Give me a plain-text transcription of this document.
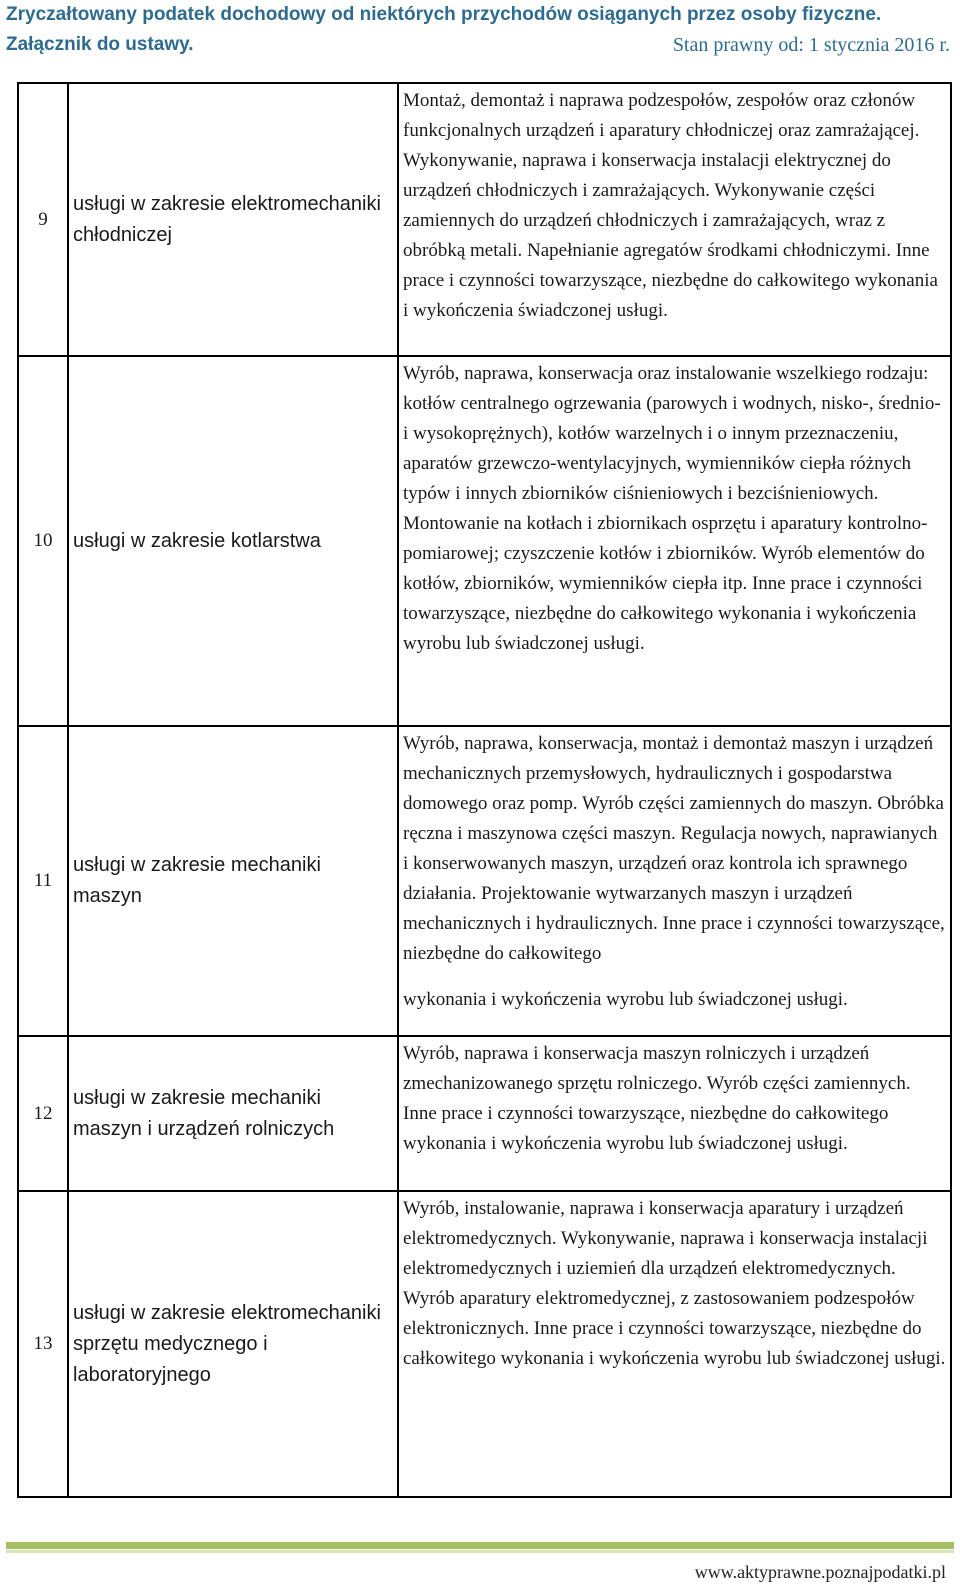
Zryczałtowany podatek dochodowy od niektórych przychodów osiąganych przez osoby fizyczne.
Załącznik do ustawy.	Stan prawny od: 1 stycznia 2016 r.
9	usługi w zakresie elektromechaniki chłodniczej	Montaż, demontaż i naprawa podzespołów, zespołów oraz członów funkcjonalnych urządzeń i aparatury chłodniczej oraz zamrażającej. Wykonywanie, naprawa i konserwacja instalacji elektrycznej do urządzeń chłodniczych i zamrażających. Wykonywanie części zamiennych do urządzeń chłodniczych i zamrażających, wraz z obróbką metali. Napełnianie agregatów środkami chłodniczymi. Inne prace i czynności towarzyszące, niezbędne do całkowitego wykonania i wykończenia świadczonej usługi.

10	usługi w zakresie kotlarstwa	Wyrób, naprawa, konserwacja oraz instalowanie wszelkiego rodzaju: kotłów centralnego ogrzewania (parowych i wodnych, nisko-, średnio- i wysokoprężnych), kotłów warzelnych i o innym przeznaczeniu, aparatów grzewczo-wentylacyjnych, wymienników ciepła różnych typów i innych zbiorników ciśnieniowych i bezciśnieniowych. Montowanie na kotłach i zbiornikach osprzętu i aparatury kontrolno-pomiarowej; czyszczenie kotłów i zbiorników. Wyrób elementów do kotłów, zbiorników, wymienników ciepła itp. Inne prace i czynności towarzyszące, niezbędne do całkowitego wykonania i wykończenia wyrobu lub świadczonej usługi.

11	usługi w zakresie mechaniki maszyn	Wyrób, naprawa, konserwacja, montaż i demontaż maszyn i urządzeń mechanicznych przemysłowych, hydraulicznych i gospodarstwa domowego oraz pomp. Wyrób części zamiennych do maszyn. Obróbka ręczna i maszynowa części maszyn. Regulacja nowych, naprawianych i konserwowanych maszyn, urządzeń oraz kontrola ich sprawnego działania. Projektowanie wytwarzanych maszyn i urządzeń mechanicznych i hydraulicznych. Inne prace i czynności towarzyszące, niezbędne do całkowitego
wykonania i wykończenia wyrobu lub świadczonej usługi.

12	usługi w zakresie mechaniki maszyn i urządzeń rolniczych	Wyrób, naprawa i konserwacja maszyn rolniczych i urządzeń zmechanizowanego sprzętu rolniczego. Wyrób części zamiennych. Inne prace i czynności towarzyszące, niezbędne do całkowitego wykonania i wykończenia wyrobu lub świadczonej usługi.

13	usługi w zakresie elektromechaniki sprzętu medycznego i laboratoryjnego	Wyrób, instalowanie, naprawa i konserwacja aparatury i urządzeń elektromedycznych. Wykonywanie, naprawa i konserwacja instalacji elektromedycznych i uziemień dla urządzeń elektromedycznych. Wyrób aparatury elektromedycznej, z zastosowaniem podzespołów elektronicznych. Inne prace i czynności towarzyszące, niezbędne do całkowitego wykonania i wykończenia wyrobu lub świadczonej usługi.
www.aktyprawne.poznajpodatki.pl
